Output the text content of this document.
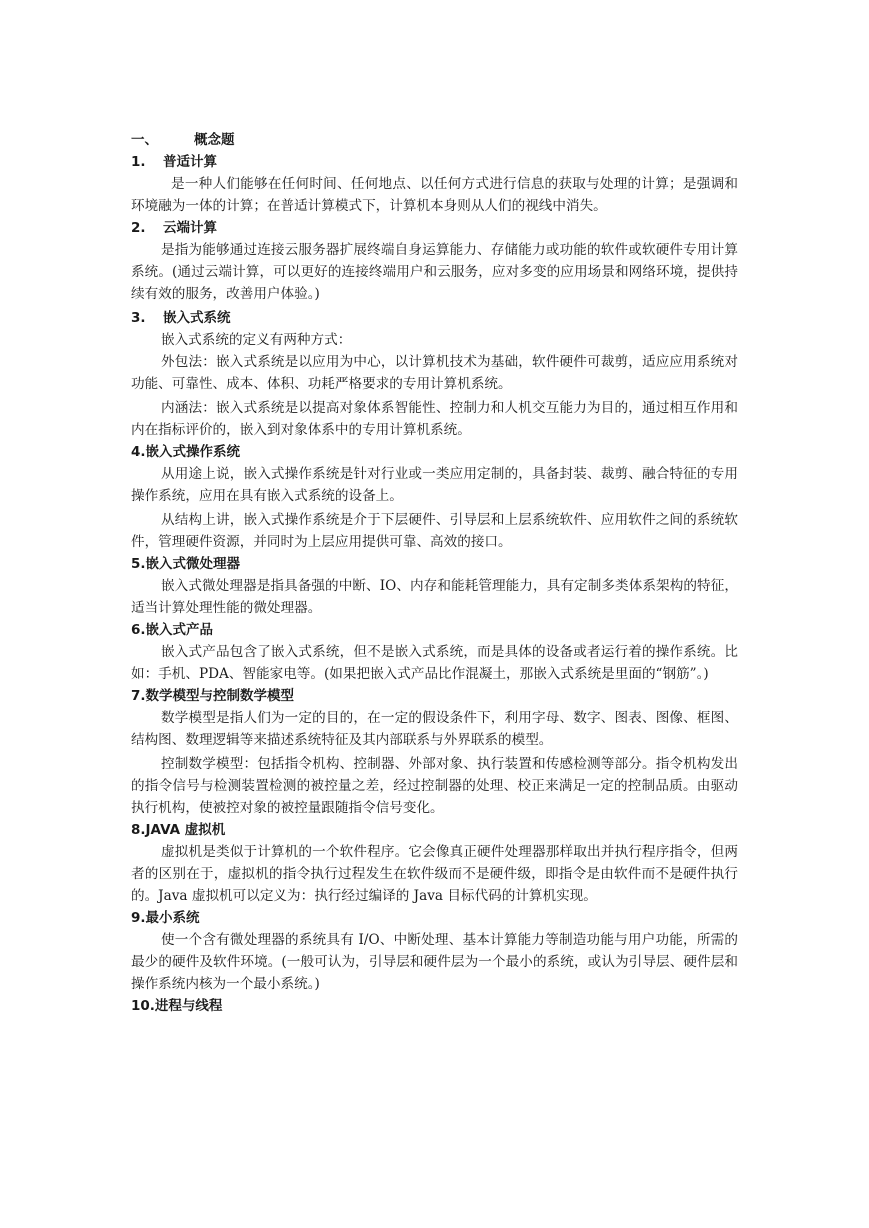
一、	概念题
1. 普适计算

是一种人们能够在任何时间、任何地点、以任何方式进行信息的获取与处理的计算；是强调和环境融为一体的计算；在普适计算模式下，计算机本身则从人们的视线中消失。

2. 云端计算

是指为能够通过连接云服务器扩展终端自身运算能力、存储能力或功能的软件或软硬件专用计算系统。(通过云端计算，可以更好的连接终端用户和云服务，应对多变的应用场景和网络环境，提供持续有效的服务，改善用户体验。)

3. 嵌入式系统

嵌入式系统的定义有两种方式：

外包法：嵌入式系统是以应用为中心，以计算机技术为基础，软件硬件可裁剪，适应应用系统对功能、可靠性、成本、体积、功耗严格要求的专用计算机系统。

内涵法：嵌入式系统是以提高对象体系智能性、控制力和人机交互能力为目的，通过相互作用和内在指标评价的，嵌入到对象体系中的专用计算机系统。

4.嵌入式操作系统

从用途上说，嵌入式操作系统是针对行业或一类应用定制的，具备封装、裁剪、融合特征的专用操作系统，应用在具有嵌入式系统的设备上。

从结构上讲，嵌入式操作系统是介于下层硬件、引导层和上层系统软件、应用软件之间的系统软件，管理硬件资源，并同时为上层应用提供可靠、高效的接口。

5.嵌入式微处理器

嵌入式微处理器是指具备强的中断、IO、内存和能耗管理能力，具有定制多类体系架构的特征，适当计算处理性能的微处理器。

6.嵌入式产品

嵌入式产品包含了嵌入式系统，但不是嵌入式系统，而是具体的设备或者运行着的操作系统。比如：手机、PDA、智能家电等。(如果把嵌入式产品比作混凝土，那嵌入式系统是里面的“钢筋”。)

7.数学模型与控制数学模型

数学模型是指人们为一定的目的，在一定的假设条件下，利用字母、数字、图表、图像、框图、结构图、数理逻辑等来描述系统特征及其内部联系与外界联系的模型。

控制数学模型：包括指令机构、控制器、外部对象、执行装置和传感检测等部分。指令机构发出的指令信号与检测装置检测的被控量之差，经过控制器的处理、校正来满足一定的控制品质。由驱动执行机构，使被控对象的被控量跟随指令信号变化。

8.JAVA 虚拟机

虚拟机是类似于计算机的一个软件程序。它会像真正硬件处理器那样取出并执行程序指令，但两者的区别在于，虚拟机的指令执行过程发生在软件级而不是硬件级，即指令是由软件而不是硬件执行的。Java 虚拟机可以定义为：执行经过编译的 Java 目标代码的计算机实现。

9.最小系统

使一个含有微处理器的系统具有 I/O、中断处理、基本计算能力等制造功能与用户功能，所需的最少的硬件及软件环境。(一般可认为，引导层和硬件层为一个最小的系统，或认为引导层、硬件层和操作系统内核为一个最小系统。)

10.进程与线程
